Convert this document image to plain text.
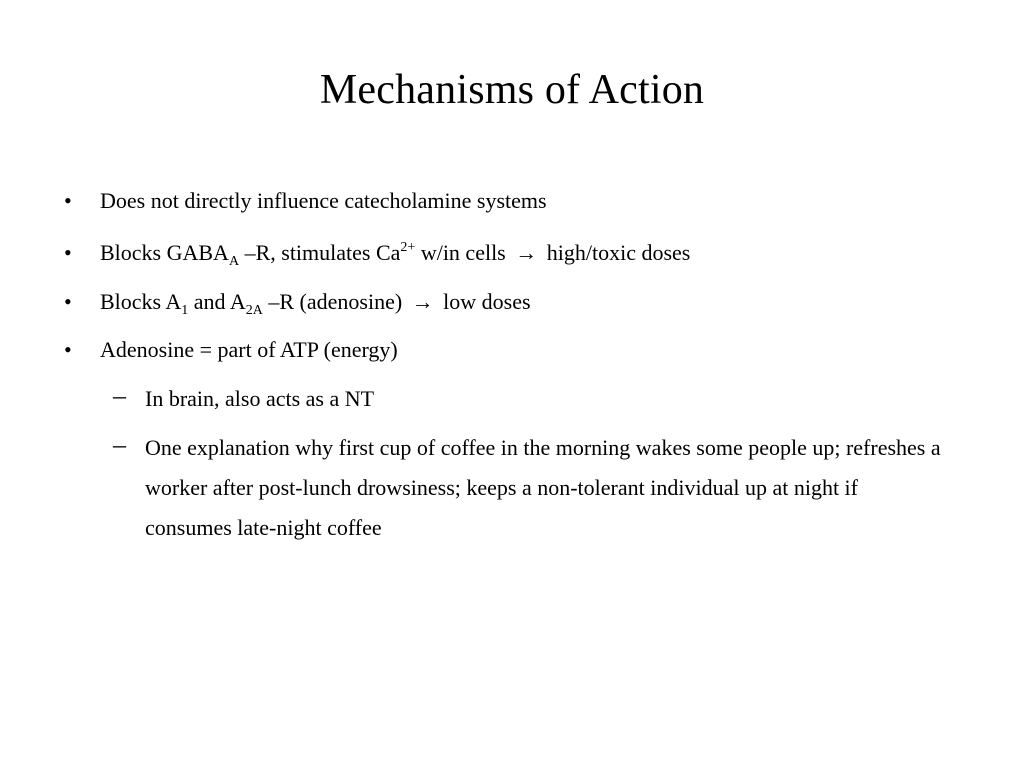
Mechanisms of Action
• Does not directly influence catecholamine systems
• Blocks $GABA_A$ –R, stimulates $Ca^{2+}$ w/in cells → high/toxic doses
• Blocks $A_1$ and $A_{2A}$ –R (adenosine) → low doses
• Adenosine = part of ATP (energy)
– In brain, also acts as a NT
– One explanation why first cup of coffee in the morning wakes some people up; refreshes a worker after post-lunch drowsiness; keeps a non-tolerant individual up at night if consumes late-night coffee
